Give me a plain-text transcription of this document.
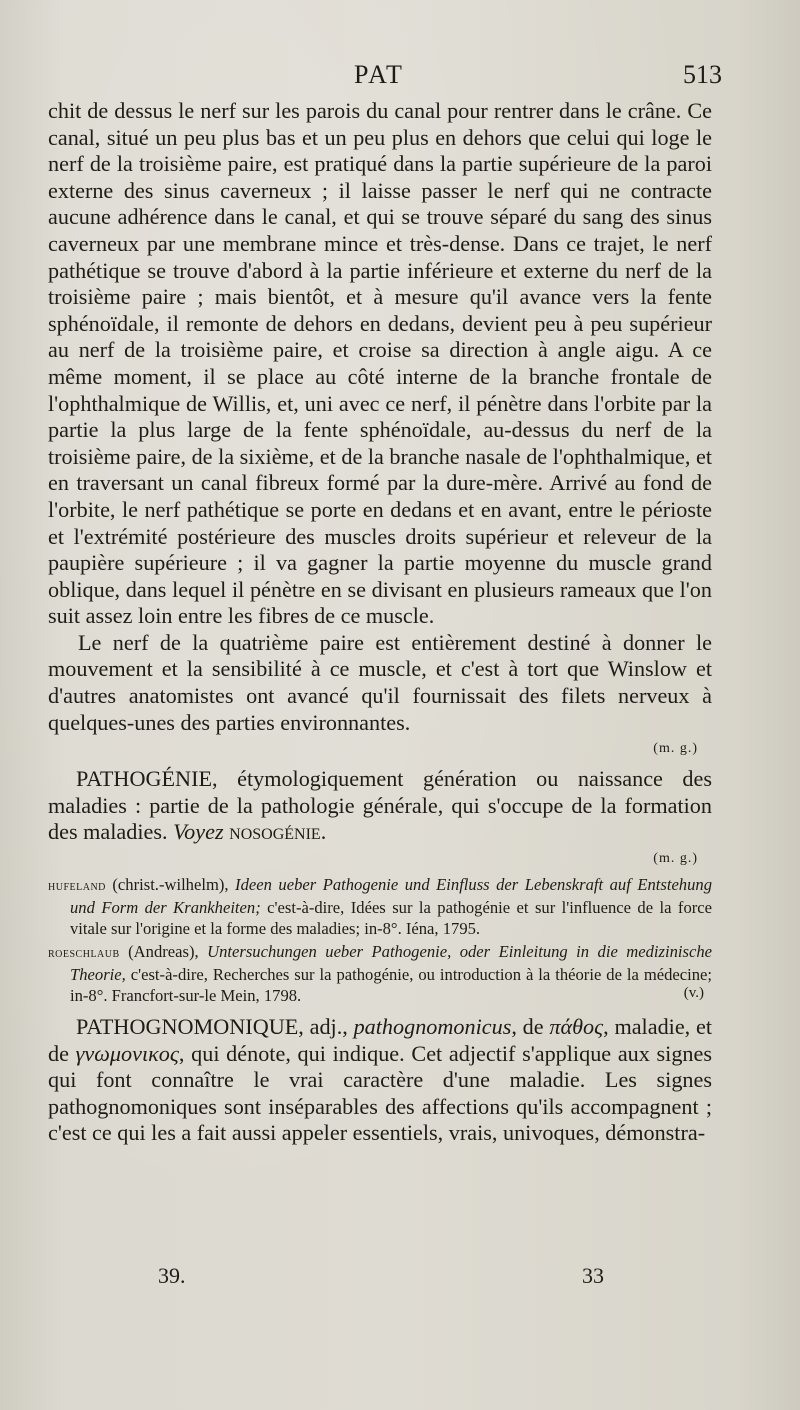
PAT	513

chit de dessus le nerf sur les parois du canal pour rentrer dans le crâne. Ce canal, situé un peu plus bas et un peu plus en dehors que celui qui loge le nerf de la troisième paire, est pratiqué dans la partie supérieure de la paroi externe des sinus caverneux ; il laisse passer le nerf qui ne contracte aucune adhérence dans le canal, et qui se trouve séparé du sang des sinus caverneux par une membrane mince et très-dense. Dans ce trajet, le nerf pathétique se trouve d'abord à la partie inférieure et externe du nerf de la troisième paire ; mais bientôt, et à mesure qu'il avance vers la fente sphénoïdale, il remonte de dehors en dedans, devient peu à peu supérieur au nerf de la troisième paire, et croise sa direction à angle aigu. A ce même moment, il se place au côté interne de la branche frontale de l'ophthalmique de Willis, et, uni avec ce nerf, il pénètre dans l'orbite par la partie la plus large de la fente sphénoïdale, au-dessus du nerf de la troisième paire, de la sixième, et de la branche nasale de l'ophthalmique, et en traversant un canal fibreux formé par la dure-mère. Arrivé au fond de l'orbite, le nerf pathétique se porte en dedans et en avant, entre le périoste et l'extrémité postérieure des muscles droits supérieur et releveur de la paupière supérieure ; il va gagner la partie moyenne du muscle grand oblique, dans lequel il pénètre en se divisant en plusieurs rameaux que l'on suit assez loin entre les fibres de ce muscle.

Le nerf de la quatrième paire est entièrement destiné à donner le mouvement et la sensibilité à ce muscle, et c'est à tort que Winslow et d'autres anatomistes ont avancé qu'il fournissait des filets nerveux à quelques-unes des parties environnantes.

(m. g.)

PATHOGÉNIE, étymologiquement génération ou naissance des maladies : partie de la pathologie générale, qui s'occupe de la formation des maladies. Voyez nosogénie.

(m. g.)

hufeland (christ.-wilhelm), Ideen ueber Pathogenie und Einfluss der Lebenskraft auf Entstehung und Form der Krankheiten; c'est-à-dire, Idées sur la pathogénie et sur l'influence de la force vitale sur l'origine et la forme des maladies; in-8°. Iéna, 1795.

roeschlaub (Andreas), Untersuchungen ueber Pathogenie, oder Einleitung in die medizinische Theorie, c'est-à-dire, Recherches sur la pathogénie, ou introduction à la théorie de la médecine; in-8°. Francfort-sur-le Mein, 1798.	(v.)

PATHOGNOMONIQUE, adj., pathognomonicus, de πάθος, maladie, et de γνωμονικος, qui dénote, qui indique. Cet adjectif s'applique aux signes qui font connaître le vrai caractère d'une maladie. Les signes pathognomoniques sont inséparables des affections qu'ils accompagnent ; c'est ce qui les a fait aussi appeler essentiels, vrais, univoques, démonstra-

39.	33
